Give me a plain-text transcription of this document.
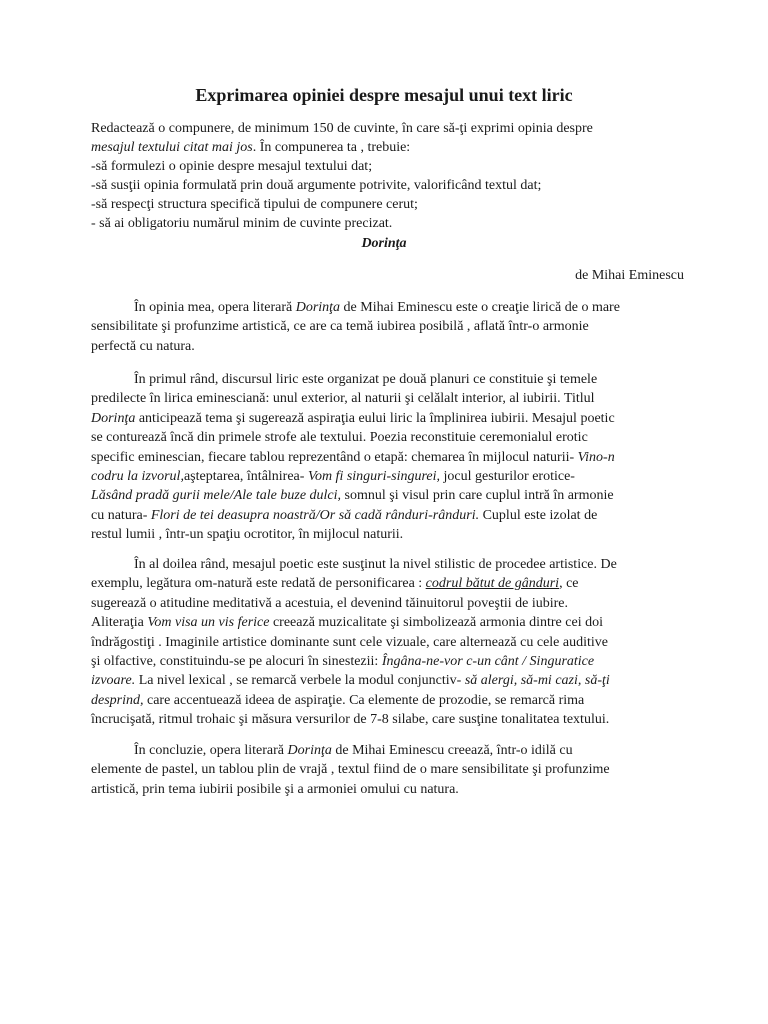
Exprimarea opiniei despre mesajul unui text liric
Redactează o compunere, de minimum 150 de cuvinte, în care să-ţi exprimi opinia despre
mesajul textului citat mai jos. În compunerea ta , trebuie:
-să formulezi o opinie despre mesajul textului dat;
-să susţii opinia formulată prin două argumente potrivite, valorificând textul dat;
-să respecţi structura specifică tipului de compunere cerut;
- să ai obligatoriu numărul minim de cuvinte precizat.
Dorinţa
de Mihai Eminescu
În opinia mea, opera literară Dorinţa de Mihai Eminescu este o creaţie lirică de o mare
sensibilitate şi profunzime artistică, ce are ca temă iubirea posibilă , aflată într-o armonie
perfectă cu natura.
În primul rând, discursul liric este organizat pe două planuri ce constituie şi temele
predilecte în lirica eminesciană: unul exterior, al naturii şi celălalt interior, al iubirii. Titlul
Dorinţa anticipează tema şi sugerează aspiraţia eului liric la împlinirea iubirii. Mesajul poetic
se conturează încă din primele strofe ale textului. Poezia reconstituie ceremonialul erotic
specific eminescian, fiecare tablou reprezentând o etapă: chemarea în mijlocul naturii- Vino-n
codru la izvorul,aşteptarea, întâlnirea- Vom fi singuri-singurei, jocul gesturilor erotice-
Lăsând pradă gurii mele/Ale tale buze dulci, somnul şi visul prin care cuplul intră în armonie
cu natura- Flori de tei deasupra noastră/Or să cadă rânduri-rânduri. Cuplul este izolat de
restul lumii , într-un spaţiu ocrotitor, în mijlocul naturii.
În al doilea rând, mesajul poetic este susţinut la nivel stilistic de procedee artistice. De
exemplu, legătura om-natură este redată de personificarea : codrul bătut de gânduri, ce
sugerează o atitudine meditativă a acestuia, el devenind tăinuitorul poveştii de iubire.
Aliteraţia Vom visa un vis ferice creează muzicalitate şi simbolizează armonia dintre cei doi
îndrăgostiţi . Imaginile artistice dominante sunt cele vizuale, care alternează cu cele auditive
şi olfactive, constituindu-se pe alocuri în sinestezii: Îngâna-ne-vor c-un cânt / Singuratice
izvoare. La nivel lexical , se remarcă verbele la modul conjunctiv- să alergi, să-mi cazi, să-ţi
desprind, care accentuează ideea de aspiraţie. Ca elemente de prozodie, se remarcă rima
încrucişată, ritmul trohaic şi măsura versurilor de 7-8 silabe, care susţine tonalitatea textului.
În concluzie, opera literară Dorinţa de Mihai Eminescu creează, într-o idilă cu
elemente de pastel, un tablou plin de vrajă , textul fiind de o mare sensibilitate şi profunzime
artistică, prin tema iubirii posibile şi a armoniei omului cu natura.
